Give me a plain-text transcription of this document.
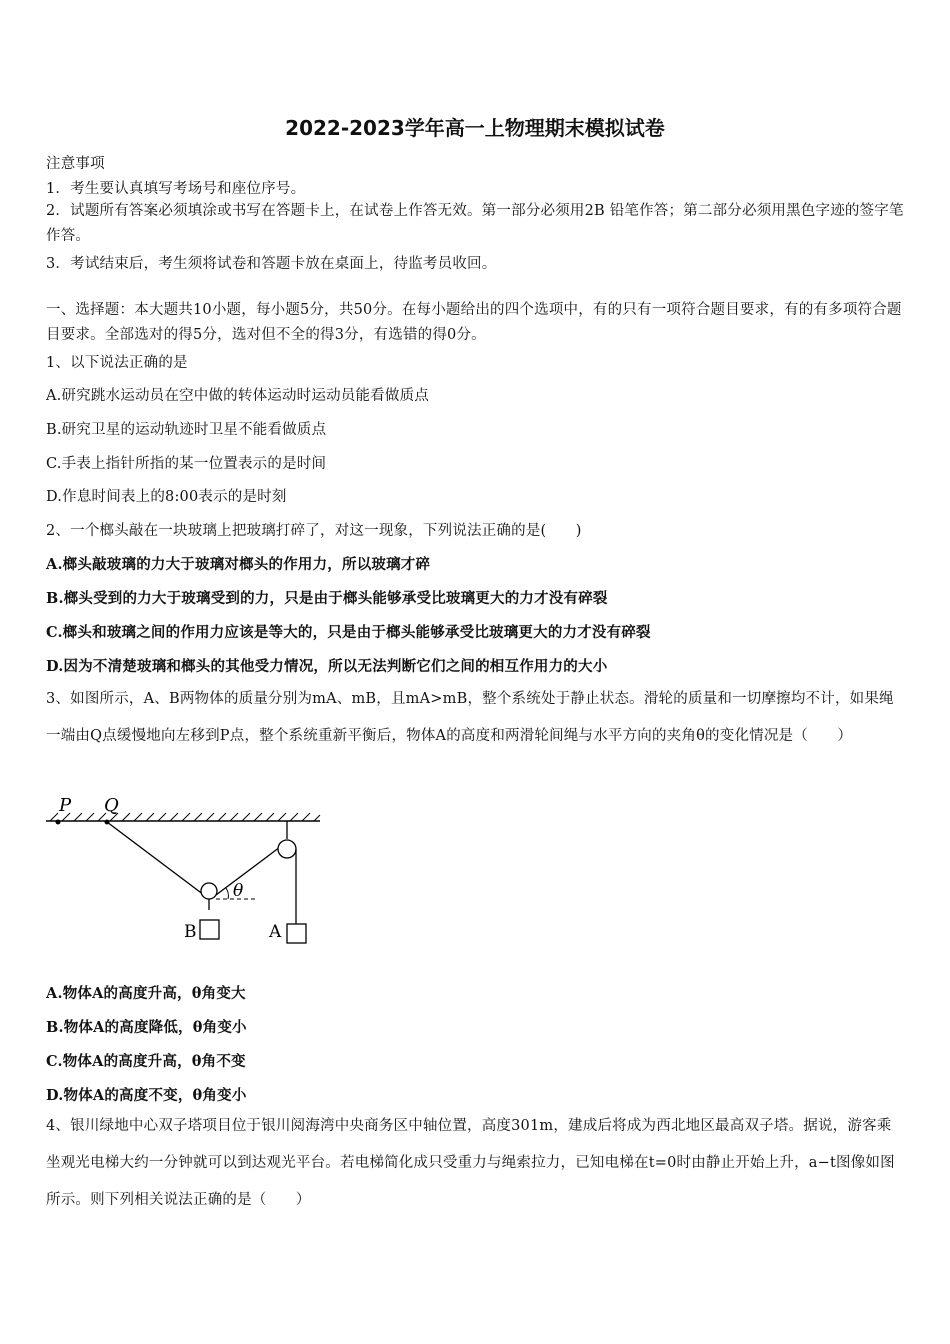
2022-2023学年高一上物理期末模拟试卷
注意事项
1．考生要认真填写考场号和座位序号。
2．试题所有答案必须填涂或书写在答题卡上，在试卷上作答无效。第一部分必须用2B 铅笔作答；第二部分必须用黑色字迹的签字笔作答。
3．考试结束后，考生须将试卷和答题卡放在桌面上，待监考员收回。
一、选择题：本大题共10小题，每小题5分，共50分。在每小题给出的四个选项中，有的只有一项符合题目要求，有的有多项符合题目要求。全部选对的得5分，选对但不全的得3分，有选错的得0分。
1、以下说法正确的是
A.研究跳水运动员在空中做的转体运动时运动员能看做质点
B.研究卫星的运动轨迹时卫星不能看做质点
C.手表上指针所指的某一位置表示的是时间
D.作息时间表上的8:00表示的是时刻
2、一个榔头敲在一块玻璃上把玻璃打碎了，对这一现象，下列说法正确的是(　　)
A.榔头敲玻璃的力大于玻璃对榔头的作用力，所以玻璃才碎
B.榔头受到的力大于玻璃受到的力，只是由于榔头能够承受比玻璃更大的力才没有碎裂
C.榔头和玻璃之间的作用力应该是等大的，只是由于榔头能够承受比玻璃更大的力才没有碎裂
D.因为不清楚玻璃和榔头的其他受力情况，所以无法判断它们之间的相互作用力的大小
3、如图所示，A、B两物体的质量分别为mA、mB，且mA>mB，整个系统处于静止状态。滑轮的质量和一切摩擦均不计，如果绳一端由Q点缓慢地向左移到P点，整个系统重新平衡后，物体A的高度和两滑轮间绳与水平方向的夹角θ的变化情况是（　　）
P Q
θ
B	A
A.物体A的高度升高，θ角变大
B.物体A的高度降低，θ角变小
C.物体A的高度升高，θ角不变
D.物体A的高度不变，θ角变小
4、银川绿地中心双子塔项目位于银川阅海湾中央商务区中轴位置，高度301m，建成后将成为西北地区最高双子塔。据说，游客乘坐观光电梯大约一分钟就可以到达观光平台。若电梯简化成只受重力与绳索拉力，已知电梯在t=0时由静止开始上升，a−t图像如图所示。则下列相关说法正确的是（　　）
